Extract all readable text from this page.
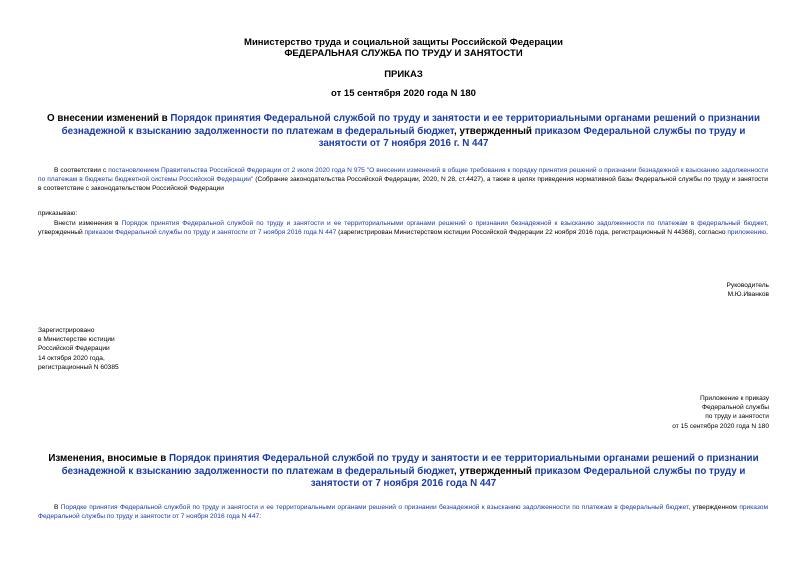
Министерство труда и социальной защиты Российской Федерации
ФЕДЕРАЛЬНАЯ СЛУЖБА ПО ТРУДУ И ЗАНЯТОСТИ
ПРИКАЗ
от 15 сентября 2020 года N 180
О внесении изменений в Порядок принятия Федеральной службой по труду и занятости и ее территориальными органами решений о признании безнадежной к взысканию задолженности по платежам в федеральный бюджет, утвержденный приказом Федеральной службы по труду и занятости от 7 ноября 2016 г. N 447
В соответствии с постановлением Правительства Российской Федерации от 2 июля 2020 года N 975 "О внесении изменений в общие требования к порядку принятия решений о признании безнадежной к взысканию задолженности по платежам в бюджеты бюджетной системы Российской Федерации" (Собрание законодательства Российской Федерации, 2020, N 28, ст.4427), а также в целях приведения нормативной базы Федеральной службы по труду и занятости в соответствие с законодательством Российской Федерации
приказываю:
Внести изменения в Порядок принятия Федеральной службой по труду и занятости и ее территориальными органами решений о признании безнадежной к взысканию задолженности по платежам в федеральный бюджет, утвержденный приказом Федеральной службы по труду и занятости от 7 ноября 2016 года N 447 (зарегистрирован Министерством юстиции Российской Федерации 22 ноября 2016 года, регистрационный N 44368), согласно приложению.
Руководитель
М.Ю.Иванков
Зарегистрировано
в Министерстве юстиции
Российской Федерации
14 октября 2020 года,
регистрационный N 60385
Приложение к приказу
Федеральной службы
по труду и занятости
от 15 сентября 2020 года N 180
Изменения, вносимые в Порядок принятия Федеральной службой по труду и занятости и ее территориальными органами решений о признании безнадежной к взысканию задолженности по платежам в федеральный бюджет, утвержденный приказом Федеральной службы по труду и занятости от 7 ноября 2016 года N 447
В Порядке принятия Федеральной службой по труду и занятости и ее территориальными органами решений о признании безнадежной к взысканию задолженности по платежам в федеральный бюджет, утвержденном приказом Федеральной службы по труду и занятости от 7 ноября 2016 года N 447:
